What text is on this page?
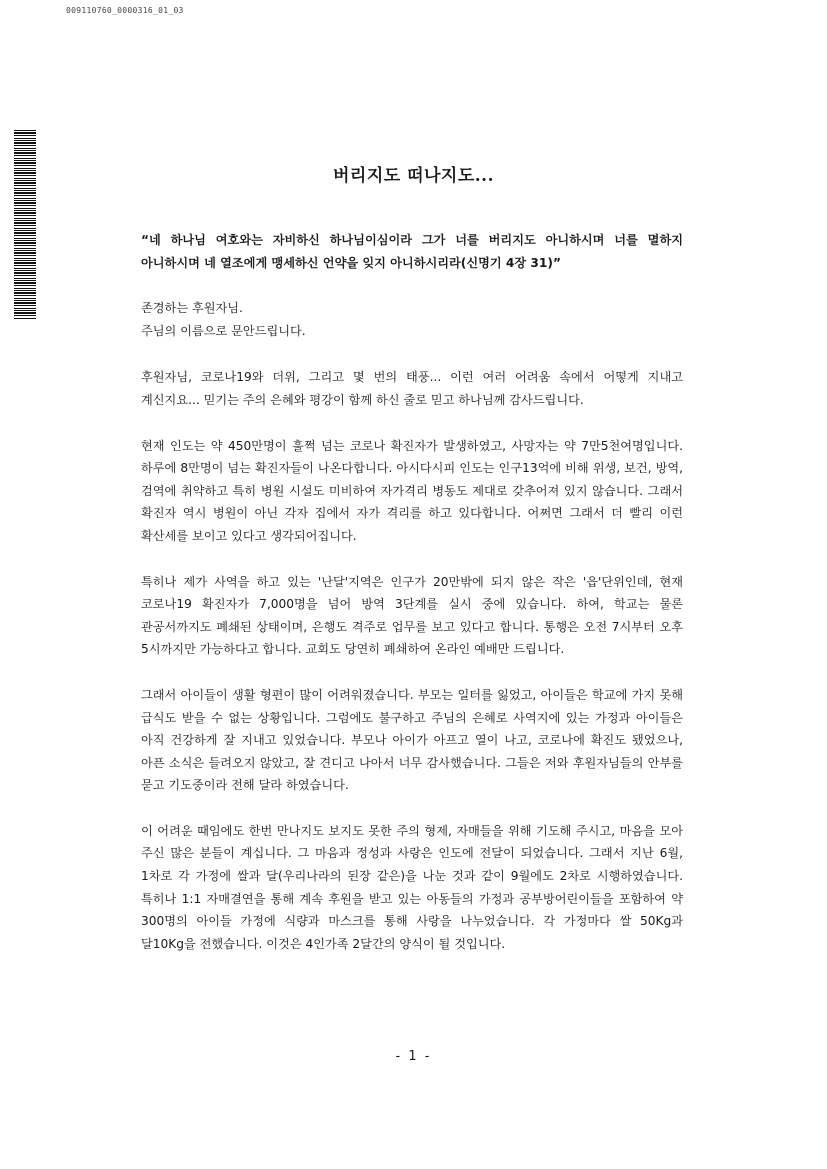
009110760_0000316_01_03
버리지도 떠나지도...

“네 하나님 여호와는 자비하신 하나님이심이라 그가 너를 버리지도 아니하시며 너를 멸하지 아니하시며 네 열조에게 맹세하신 언약을 잊지 아니하시리라(신명기 4장 31)”

존경하는 후원자님.
주님의 이름으로 문안드립니다.

후원자님, 코로나19와 더위, 그리고 몇 번의 태풍... 이런 여러 어려움 속에서 어떻게 지내고 계신지요... 믿기는 주의 은혜와 평강이 함께 하신 줄로 믿고 하나님께 감사드립니다.

현재 인도는 약 450만명이 훌쩍 넘는 코로나 확진자가 발생하였고, 사망자는 약 7만5천여명입니다. 하루에 8만명이 넘는 확진자들이 나온다합니다. 아시다시피 인도는 인구13억에 비해 위생, 보건, 방역, 검역에 취약하고 특히 병원 시설도 미비하여 자가격리 병동도 제대로 갖추어져 있지 않습니다. 그래서 확진자 역시 병원이 아닌 각자 집에서 자가 격리를 하고 있다합니다. 어쩌면 그래서 더 빨리 이런 확산세를 보이고 있다고 생각되어집니다.

특히나 제가 사역을 하고 있는 '난달'지역은 인구가 20만밖에 되지 않은 작은 '읍'단위인데, 현재 코로나19 확진자가 7,000명을 넘어 방역 3단계를 실시 중에 있습니다. 하여, 학교는 물론 관공서까지도 폐쇄된 상태이며, 은행도 격주로 업무를 보고 있다고 합니다. 통행은 오전 7시부터 오후 5시까지만 가능하다고 합니다. 교회도 당연히 폐쇄하여 온라인 예배만 드립니다.

그래서 아이들이 생활 형편이 많이 어려워졌습니다. 부모는 일터를 잃었고, 아이들은 학교에 가지 못해 급식도 받을 수 없는 상황입니다. 그럼에도 불구하고 주님의 은혜로 사역지에 있는 가정과 아이들은 아직 건강하게 잘 지내고 있었습니다. 부모나 아이가 아프고 열이 나고, 코로나에 확진도 됐었으나, 아픈 소식은 들려오지 않았고, 잘 견디고 나아서 너무 감사했습니다. 그들은 저와 후원자님들의 안부를 묻고 기도중이라 전해 달라 하였습니다.

이 어려운 때임에도 한번 만나지도 보지도 못한 주의 형제, 자매들을 위해 기도해 주시고, 마음을 모아 주신 많은 분들이 계십니다. 그 마음과 정성과 사랑은 인도에 전달이 되었습니다. 그래서 지난 6월, 1차로 각 가정에 쌀과 달(우리나라의 된장 같은)을 나눈 것과 같이 9월에도 2차로 시행하였습니다. 특히나 1:1 자매결연을 통해 계속 후원을 받고 있는 아동들의 가정과 공부방어린이들을 포함하여 약 300명의 아이들 가정에 식량과 마스크를 통해 사랑을 나누었습니다. 각 가정마다 쌀 50Kg과 달10Kg을 전했습니다. 이것은 4인가족 2달간의 양식이 될 것입니다.

- 1 -
